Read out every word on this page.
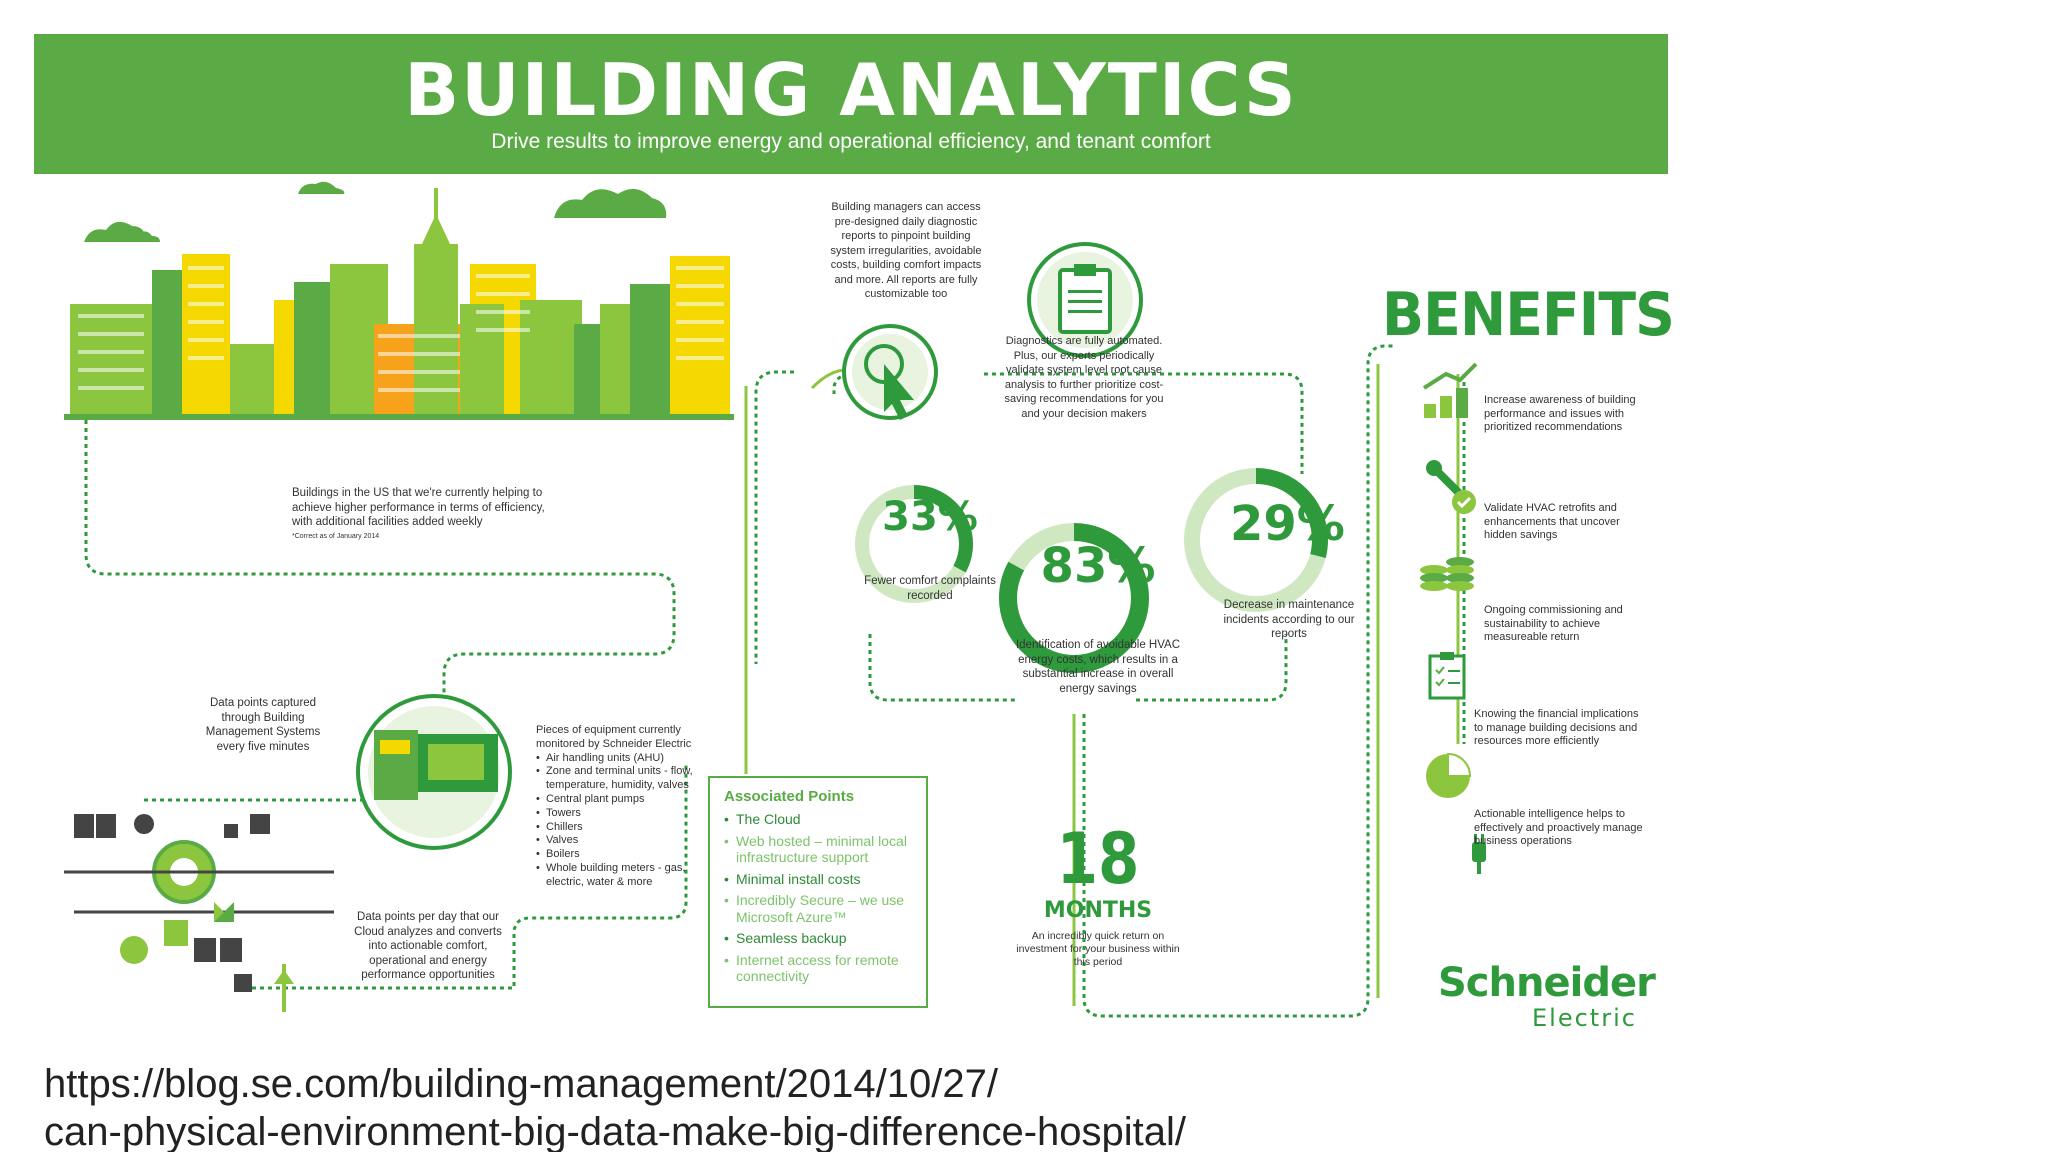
BUILDING ANALYTICS
Drive results to improve energy and operational efficiency, and tenant comfort
TH
TH
CO2
T
H
Buildings in the US that we're currently helping to achieve higher performance in terms of efficiency, with additional facilities added weekly
*Correct as of January 2014
Data points captured through Building Management Systems every five minutes
Pieces of equipment currently monitored by Schneider Electric
• Air handling units (AHU)
• Zone and terminal units - flow, temperature, humidity, valves
• Central plant pumps
• Towers
• Chillers
• Valves
• Boilers
• Whole building meters - gas, electric, water & more
Data points per day that our Cloud analyzes and converts into actionable comfort, operational and energy performance opportunities
Associated Points
• The Cloud
• Web hosted – minimal local infrastructure support
• Minimal install costs
• Incredibly Secure – we use Microsoft Azure™
• Seamless backup
• Internet access for remote connectivity
Building managers can access pre-designed daily diagnostic reports to pinpoint building system irregularities, avoidable costs, building comfort impacts and more. All reports are fully customizable too
Diagnostics are fully automated. Plus, our experts periodically validate system level root cause analysis to further prioritize cost-saving recommendations for you and your decision makers
33%
Fewer comfort complaints recorded
83%
Identification of avoidable HVAC energy costs, which results in a substantial increase in overall energy savings
29%
Decrease in maintenance incidents according to our reports
18
MONTHS
An incredibly quick return on investment for your business within this period
BENEFITS
Increase awareness of building performance and issues with prioritized recommendations
Validate HVAC retrofits and enhancements that uncover hidden savings
Ongoing commissioning and sustainability to achieve measureable return
Knowing the financial implications to manage building decisions and resources more efficiently
Actionable intelligence helps to effectively and proactively manage business operations
Schneider
Electric
https://blog.se.com/building-management/2014/10/27/
can-physical-environment-big-data-make-big-difference-hospital/
